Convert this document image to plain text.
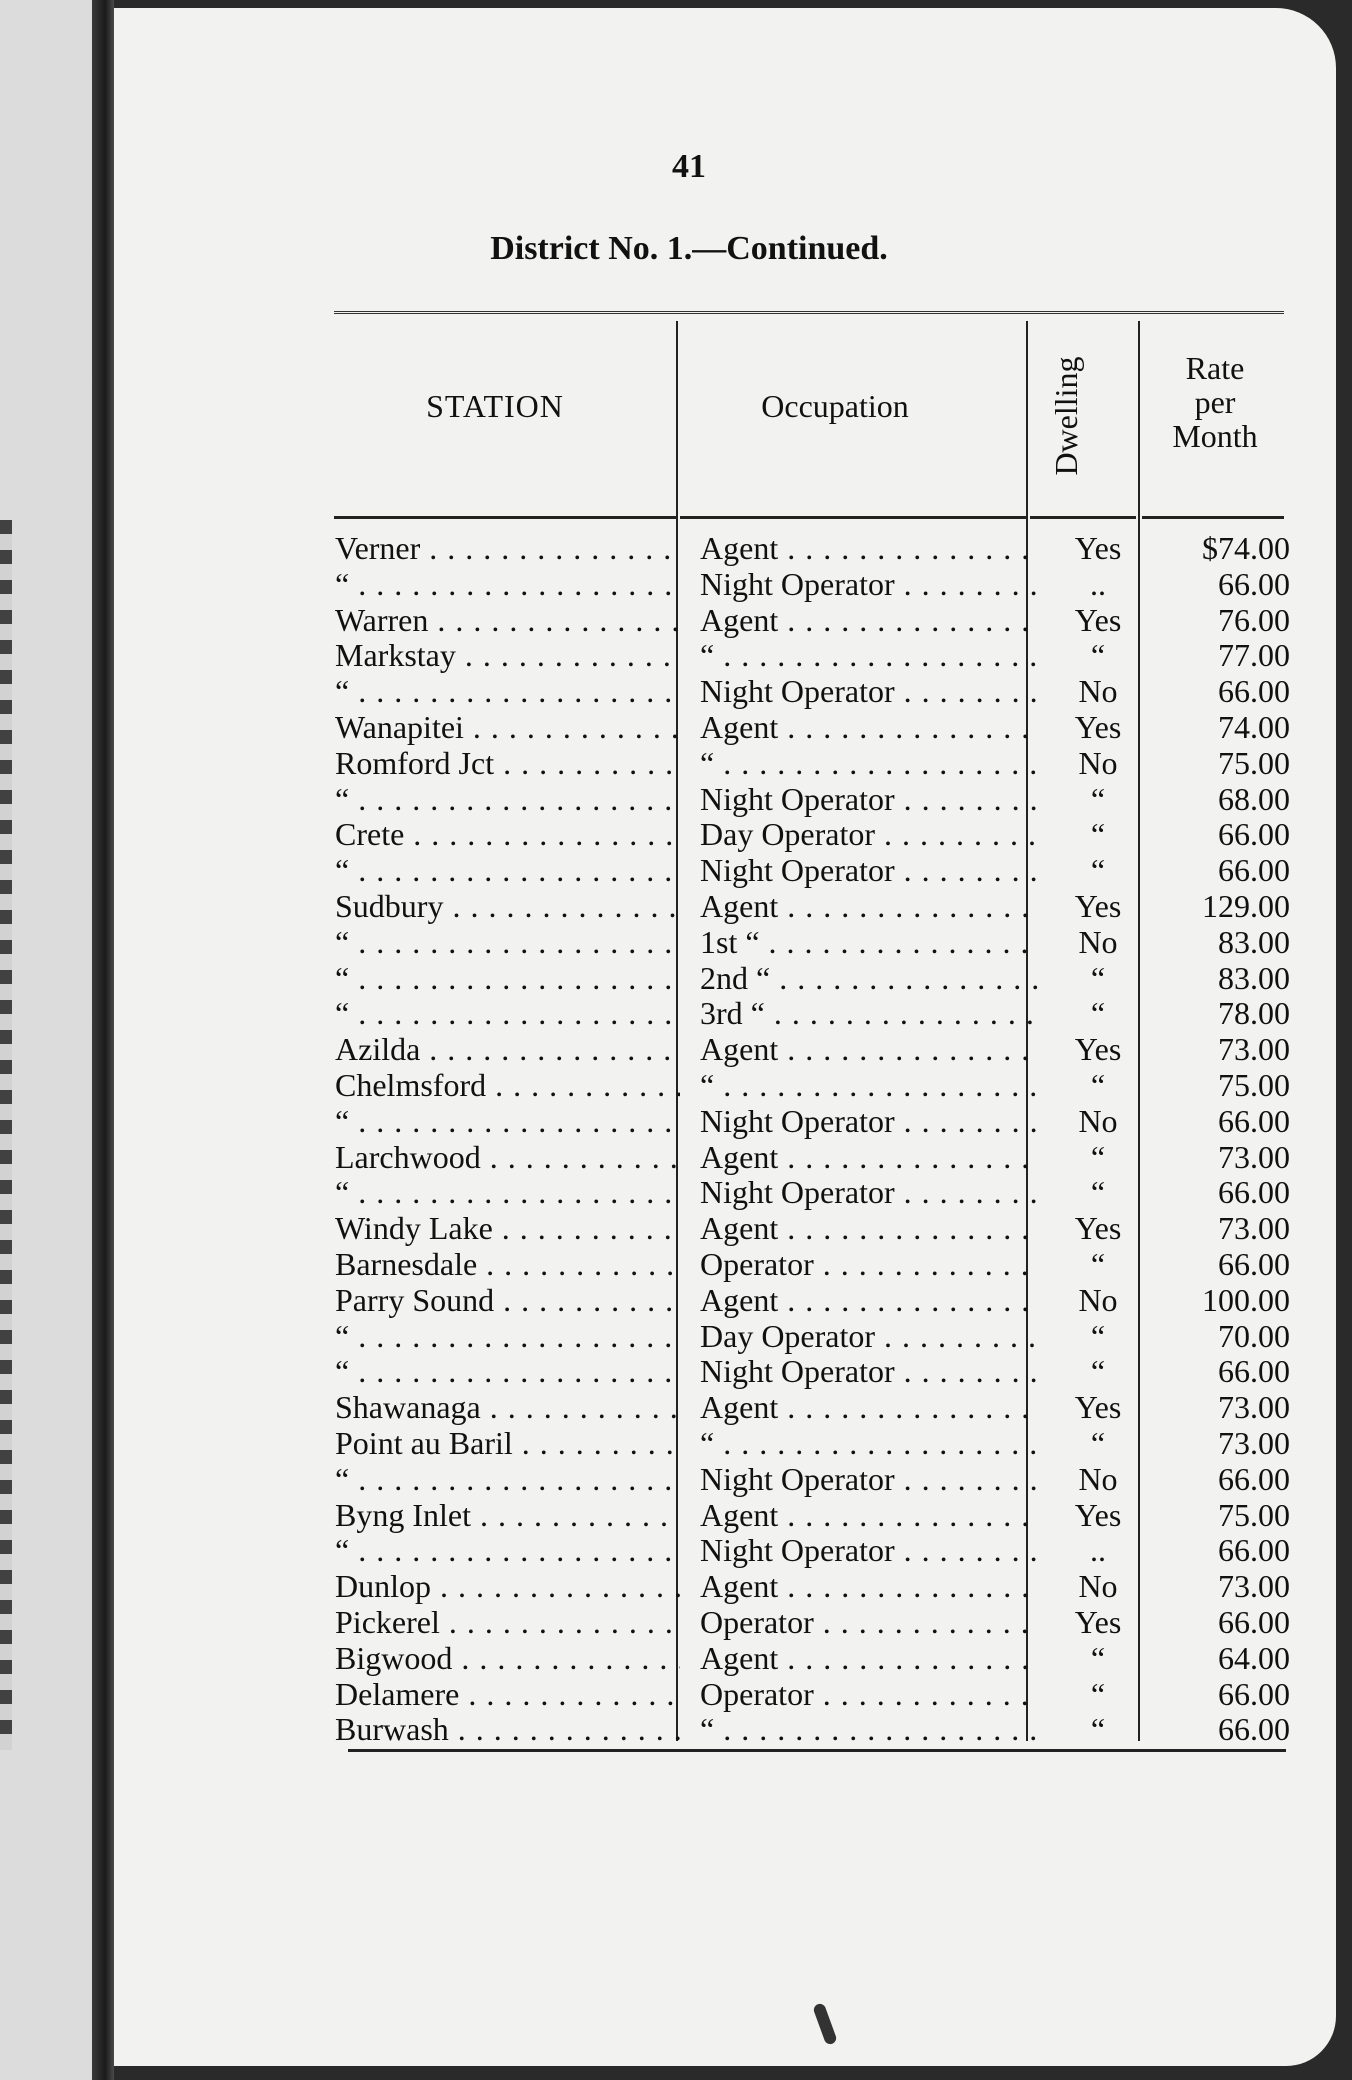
41
District No. 1.—Continued.
STATION	Occupation	Dwelling	Rate
per
Month
Verner . . .	Agent . . .	Yes	$74.00
“ . . .	Night Operator . . .	..	66.00
Warren . . .	Agent . . .	Yes	76.00
Markstay . . .	“ . . .	“	77.00
“ . . .	Night Operator . . .	No	66.00
Wanapitei . . .	Agent . . .	Yes	74.00
Romford Jct . . .	“ . . .	No	75.00
“ . . .	Night Operator . . .	“	68.00
Crete . . .	Day Operator . . .	“	66.00
“ . . .	Night Operator . . .	“	66.00
Sudbury . . .	Agent . . .	Yes	129.00
“ . . .	1st “ . . .	No	83.00
“ . . .	2nd “ . . .	“	83.00
“ . . .	3rd “ . . .	“	78.00
Azilda . . .	Agent . . .	Yes	73.00
Chelmsford . . .	“ . . .	“	75.00
“ . . .	Night Operator . . .	No	66.00
Larchwood . . .	Agent . . .	“	73.00
“ . . .	Night Operator . . .	“	66.00
Windy Lake . . .	Agent . . .	Yes	73.00
Barnesdale . . .	Operator . . .	“	66.00
Parry Sound . . .	Agent . . .	No	100.00
“ . . .	Day Operator . . .	“	70.00
“ . . .	Night Operator . . .	“	66.00
Shawanaga . . .	Agent . . .	Yes	73.00
Point au Baril . . .	“ . . .	“	73.00
“ . . .	Night Operator . . .	No	66.00
Byng Inlet . . .	Agent . . .	Yes	75.00
“ . . .	Night Operator . . .	..	66.00
Dunlop . . .	Agent . . .	No	73.00
Pickerel . . .	Operator . . .	Yes	66.00
Bigwood . . .	Agent . . .	“	64.00
Delamere . . .	Operator . . .	“	66.00
Burwash . . .	“ . . .	“	66.00
